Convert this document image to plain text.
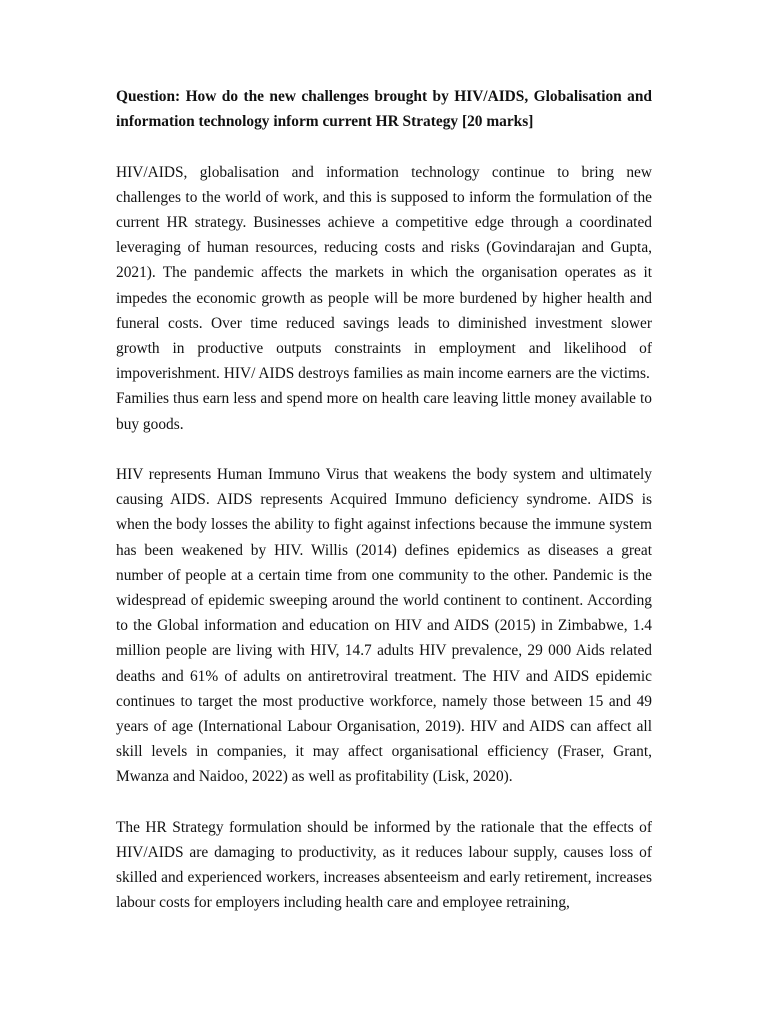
Question: How do the new challenges brought by HIV/AIDS, Globalisation and information technology inform current HR Strategy [20 marks]

HIV/AIDS, globalisation and information technology continue to bring new challenges to the world of work, and this is supposed to inform the formulation of the current HR strategy. Businesses achieve a competitive edge through a coordinated leveraging of human resources, reducing costs and risks (Govindarajan and Gupta, 2021). The pandemic affects the markets in which the organisation operates as it impedes the economic growth as people will be more burdened by higher health and funeral costs. Over time reduced savings leads to diminished investment slower growth in productive outputs constraints in employment and likelihood of impoverishment. HIV/ AIDS destroys families as main income earners are the victims.

Families thus earn less and spend more on health care leaving little money available to buy goods.

HIV represents Human Immuno Virus that weakens the body system and ultimately causing AIDS. AIDS represents Acquired Immuno deficiency syndrome. AIDS is when the body losses the ability to fight against infections because the immune system has been weakened by HIV. Willis (2014) defines epidemics as diseases a great number of people at a certain time from one community to the other. Pandemic is the widespread of epidemic sweeping around the world continent to continent. According to the Global information and education on HIV and AIDS (2015) in Zimbabwe, 1.4 million people are living with HIV, 14.7 adults HIV prevalence, 29 000 Aids related deaths and 61% of adults on antiretroviral treatment. The HIV and AIDS epidemic continues to target the most productive workforce, namely those between 15 and 49 years of age (International Labour Organisation, 2019). HIV and AIDS can affect all skill levels in companies, it may affect organisational efficiency (Fraser, Grant, Mwanza and Naidoo, 2022) as well as profitability (Lisk, 2020).

The HR Strategy formulation should be informed by the rationale that the effects of HIV/AIDS are damaging to productivity, as it reduces labour supply, causes loss of skilled and experienced workers, increases absenteeism and early retirement, increases labour costs for employers including health care and employee retraining,
